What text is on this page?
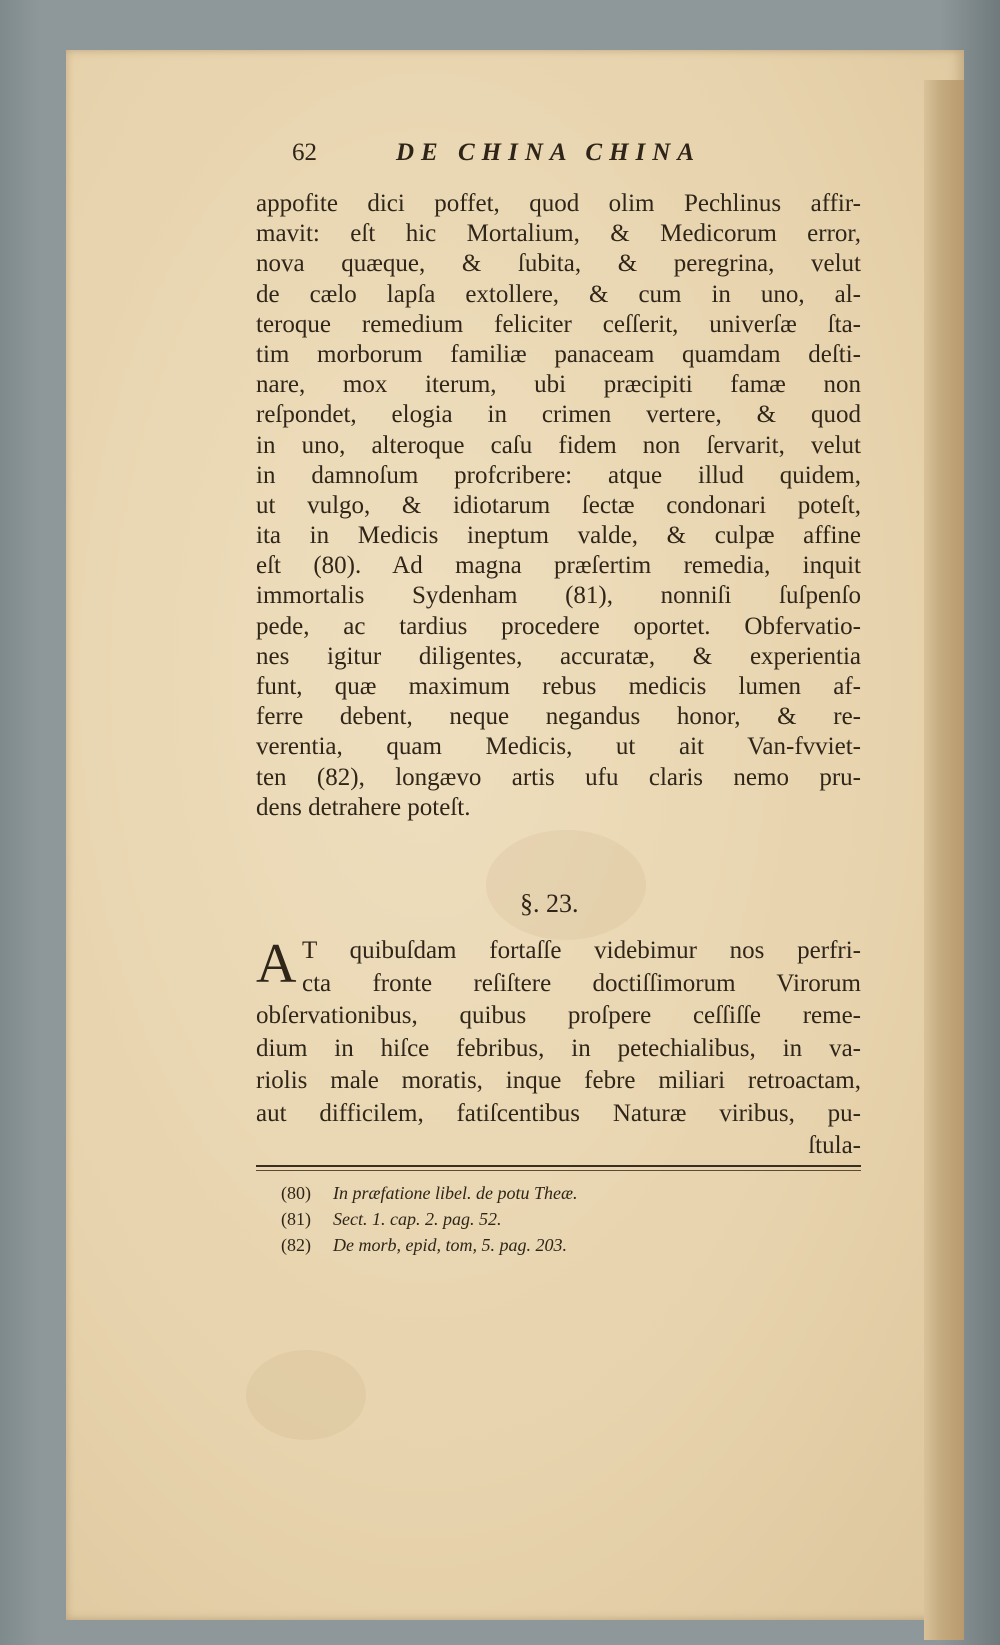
62	DE CHINA CHINA
appofite dici poffet, quod olim Pechlinus affir-
mavit: eſt hic Mortalium, & Medicorum error,
nova quæque, & ſubita, & peregrina, velut
de cælo lapſa extollere, & cum in uno, al-
teroque remedium feliciter ceſſerit, univerſæ ſta-
tim morborum familiæ panaceam quamdam deſti-
nare, mox iterum, ubi præcipiti famæ non
reſpondet, elogia in crimen vertere, & quod
in uno, alteroque caſu fidem non ſervarit, velut
in damnoſum profcribere: atque illud quidem,
ut vulgo, & idiotarum ſectæ condonari poteſt,
ita in Medicis ineptum valde, & culpæ affine
eſt (80). Ad magna præſertim remedia, inquit
immortalis Sydenham (81), nonniſi ſuſpenſo
pede, ac tardius procedere oportet. Obfervatio-
nes igitur diligentes, accuratæ, & experientia
funt, quæ maximum rebus medicis lumen af-
ferre debent, neque negandus honor, & re-
verentia, quam Medicis, ut ait Van-fvviet-
ten (82), longævo artis ufu claris nemo pru-
dens detrahere poteſt.
§. 23.
A T quibuſdam fortaſſe videbimur nos perfri-
cta fronte reſiſtere doctiſſimorum Virorum
obſervationibus, quibus proſpere ceſſiſſe reme-
dium in hiſce febribus, in petechialibus, in va-
riolis male moratis, inque febre miliari retroactam,
aut difficilem, fatiſcentibus Naturæ viribus, pu-
ſtula-
(80) In præfatione libel. de potu Theæ.
(81) Sect. 1. cap. 2. pag. 52.
(82) De morb, epid, tom, 5. pag. 203.
